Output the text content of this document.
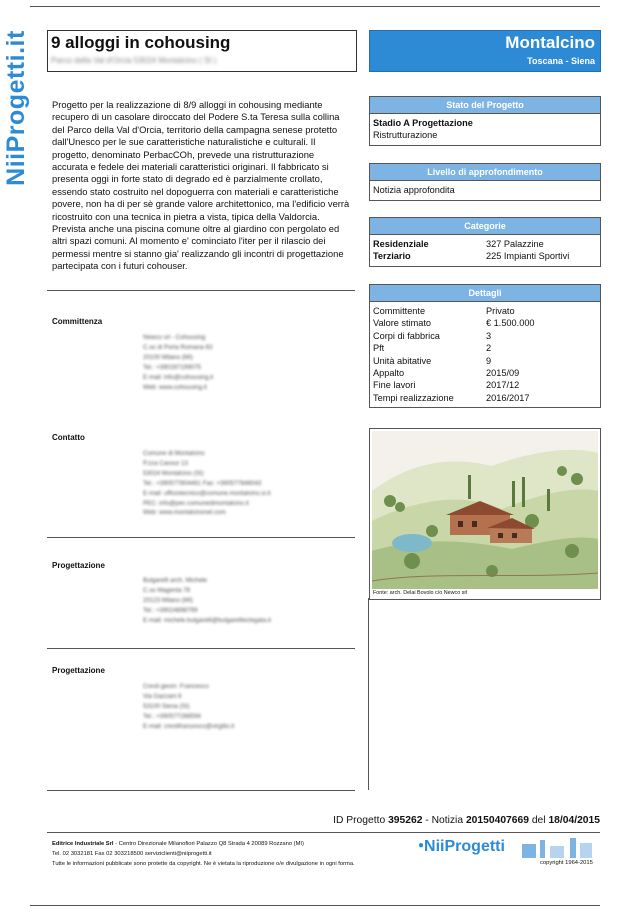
NiiProgetti.it 9 alloggi in cohousing
Parco della Val d'Orcia 53024 Montalcino ( SI )
Montalcino
Toscana - Siena
Progetto per la realizzazione di 8/9 alloggi in cohousing mediante recupero di un casolare diroccato del Podere S.ta Teresa sulla collina del Parco della Val d'Orcia, territorio della campagna senese protetto dall'Unesco per le sue caratteristiche naturalistiche e culturali. Il progetto, denominato PerbacCOh, prevede una ristrutturazione accurata e fedele dei materiali caratteristici originari. Il fabbricato si presenta oggi in forte stato di degrado ed è parzialmente crollato, essendo stato costruito nel dopoguerra con materiali e caratteristiche povere, non ha di per sè grande valore architettonico, ma l'edificio verrà ricostruito con una tecnica in pietra a vista, tipica della Valdorcia. Prevista anche una piscina comune oltre al giardino con pergolato ed altri spazi comuni. Al momento e' cominciato l'iter per il rilascio dei permessi mentre si stanno gia' realizzando gli incontri di progettazione partecipata con i futuri cohouser.
Committenza
Newco srl - Cohousing
C.so di Porta Romana 63
20100 Milano (MI)
Tel.: +390287199075
E-mail: info@cohousing.it
Web: www.cohousing.it
Contatto
Comune di Montalcino
P.zza Cavour 13
53024 Montalcino (SI)
Tel.: +390577804461 Fax: +390577846043
E-mail: ufficiotecnico@comune.montalcino.si.it
PEC: info@pec.comunedimontalcino.it
Web: www.montalcinonet.com
Progettazione
Bulgarelli arch. Michele
C.so Magenta 78
20123 Milano (MI)
Tel.: +39024898799
E-mail: michele.bulgarelli@bulgarellieclegata.it
Progettazione
Cresti geom. Francesco
Via Gazzani 8
53100 Siena (SI)
Tel.: +390577288594
E-mail: crestifrancesco@virgilio.it
Stato del Progetto
Stadio A Progettazione
Ristrutturazione
Livello di approfondimento
Notizia approfondita
Categorie
Residenziale	327 Palazzine
Terziario	225 Impianti Sportivi
Dettagli
Committente	Privato
Valore stimato	€ 1.500.000
Corpi di fabbrica	3
Pft	2
Unità abitative	9
Appalto	2015/09
Fine lavori	2017/12
Tempi realizzazione	2016/2017
Fonte: arch. Delai Bovolo c/o Newco srl
ID Progetto 395262 - Notizia 20150407669 del 18/04/2015
Editrice Industriale Srl - Centro Direzionale Milanofiori Palazzo Q8 Strada 4 20089 Rozzano (MI)
Tel. 02 3032181 Fax 02 303218500 serviziclienti@niiprogetti.it
Tutte le informazioni pubblicate sono protette da copyright. Ne è vietata la riproduzione o/e divulgazione in ogni forma.
●NiiProgetti
copyright 1964-2015
